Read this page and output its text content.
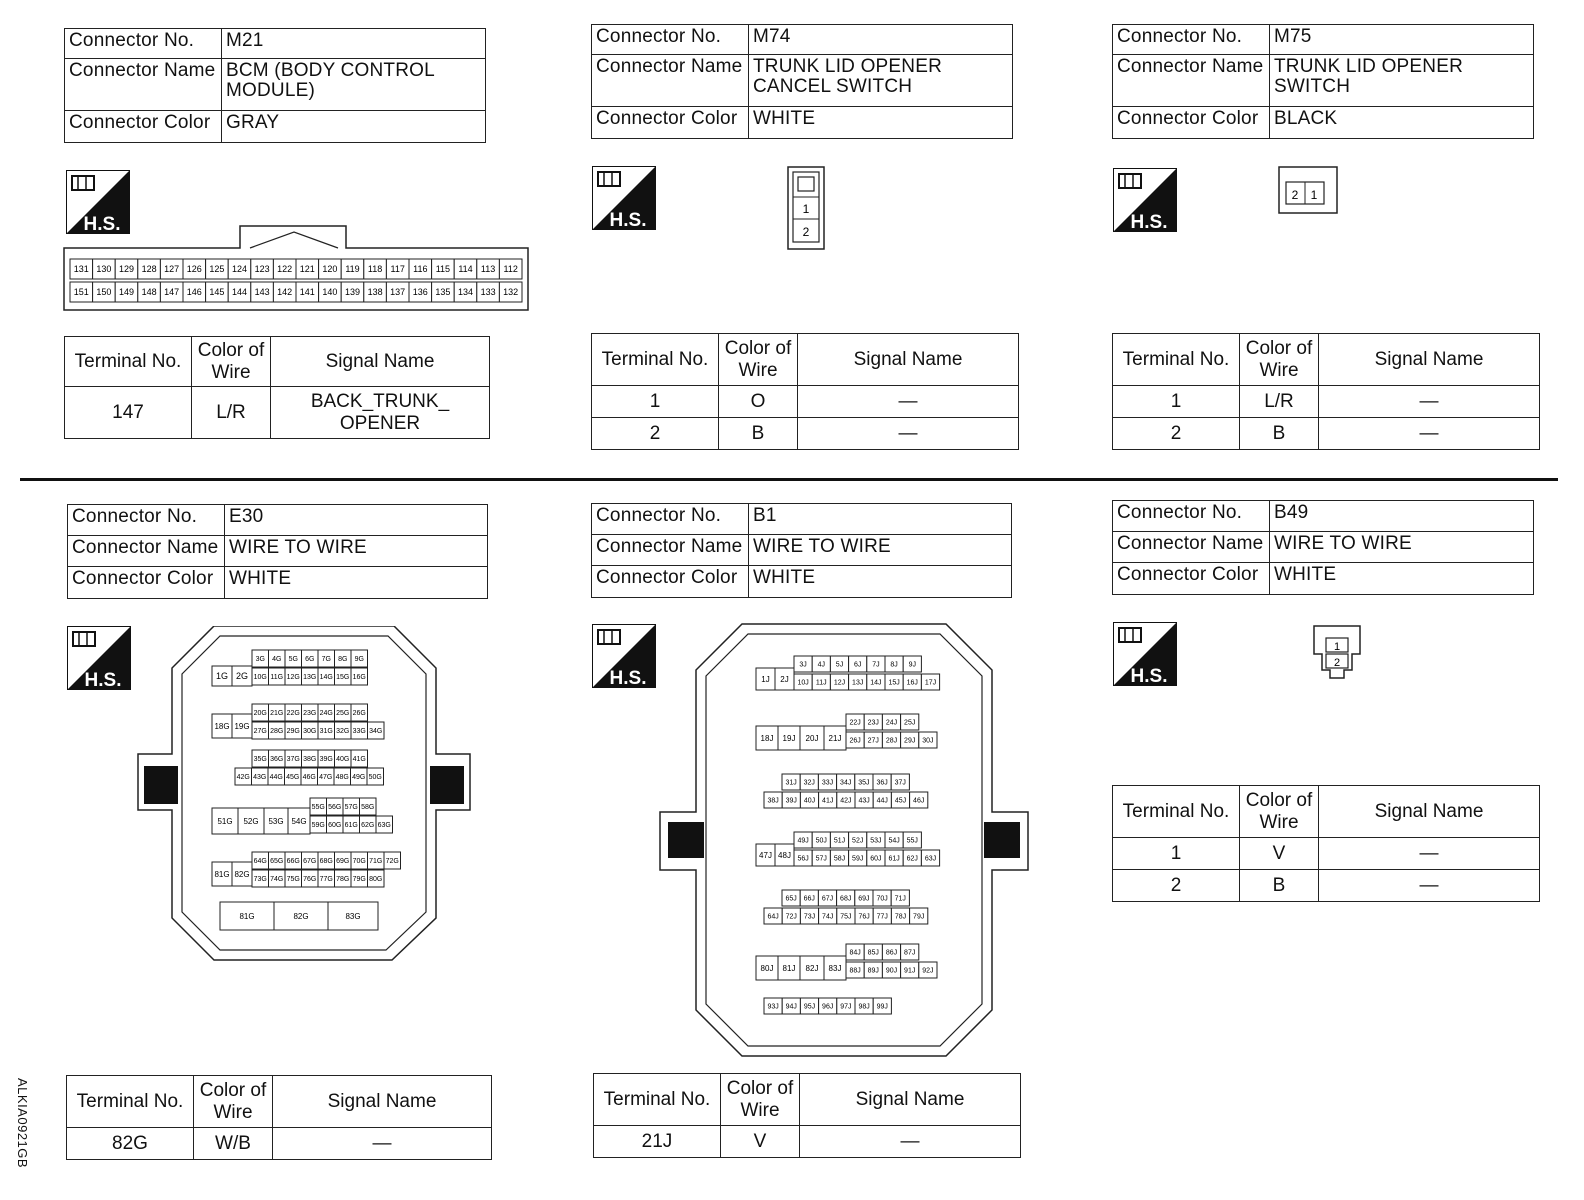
Connector No.	M21
Connector Name	BCM (BODY CONTROL MODULE)
Connector Color	GRAY
H.S.
131 130 129 128 127 126 125 124 123 122 121 120 119 118 117 116 115 114 113 112
151 150 149 148 147 146 145 144 143 142 141 140 139 138 137 136 135 134 133 132
Terminal No.	Color of Wire	Signal Name
147	L/R	BACK_TRUNK_ OPENER
Connector No.	M74
Connector Name	TRUNK LID OPENER CANCEL SWITCH
Connector Color	WHITE
H.S.
1
2
Terminal No.	Color of Wire	Signal Name
1	O	—
2	B	—
Connector No.	M75
Connector Name	TRUNK LID OPENER SWITCH
Connector Color	BLACK
H.S.
2 1
Terminal No.	Color of Wire	Signal Name
1	L/R	—
2	B	—
Connector No.	E30
Connector Name	WIRE TO WIRE
Connector Color	WHITE
H.S.
3G 4G 5G 6G 7G 8G 9G
10G 11G 12G 13G 14G 15G 16G
20G 21G 22G 23G 24G 25G 26G
27G 28G 29G 30G 31G 32G 33G 34G
35G 36G 37G 38G 39G 40G 41G
42G 43G 44G 45G 46G 47G 48G 49G 50G
55G 56G 57G 58G
59G 60G 61G 62G 63G
64G 65G 66G 67G 68G 69G 70G 71G 72G
73G 74G 75G 76G 77G 78G 79G 80G
1G 2G
18G 19G
51G 52G 53G 54G
81G 82G
81G	82G	83G
Terminal No.	Color of Wire	Signal Name
82G	W/B	—
Connector No.	B1
Connector Name	WIRE TO WIRE
Connector Color	WHITE
H.S.
3J 4J 5J 6J 7J 8J 9J
10J 11J 12J 13J 14J 15J 16J 17J
22J 23J 24J 25J
26J 27J 28J 29J 30J
31J 32J 33J 34J 35J 36J 37J
38J 39J 40J 41J 42J 43J 44J 45J 46J
49J 50J 51J 52J 53J 54J 55J
56J 57J 58J 59J 60J 61J 62J 63J
65J 66J 67J 68J 69J 70J 71J
64J 72J 73J 74J 75J 76J 77J 78J 79J
84J 85J 86J 87J
88J 89J 90J 91J 92J
93J 94J 95J 96J 97J 98J 99J
1J 2J
18J 19J 20J 21J
47J 48J
80J 81J 82J 83J
Terminal No.	Color of Wire	Signal Name
21J	V	—
Connector No.	B49
Connector Name	WIRE TO WIRE
Connector Color	WHITE
H.S.
1
2
Terminal No.	Color of Wire	Signal Name
1	V	—
2	B	—
ALKIA0921GB
